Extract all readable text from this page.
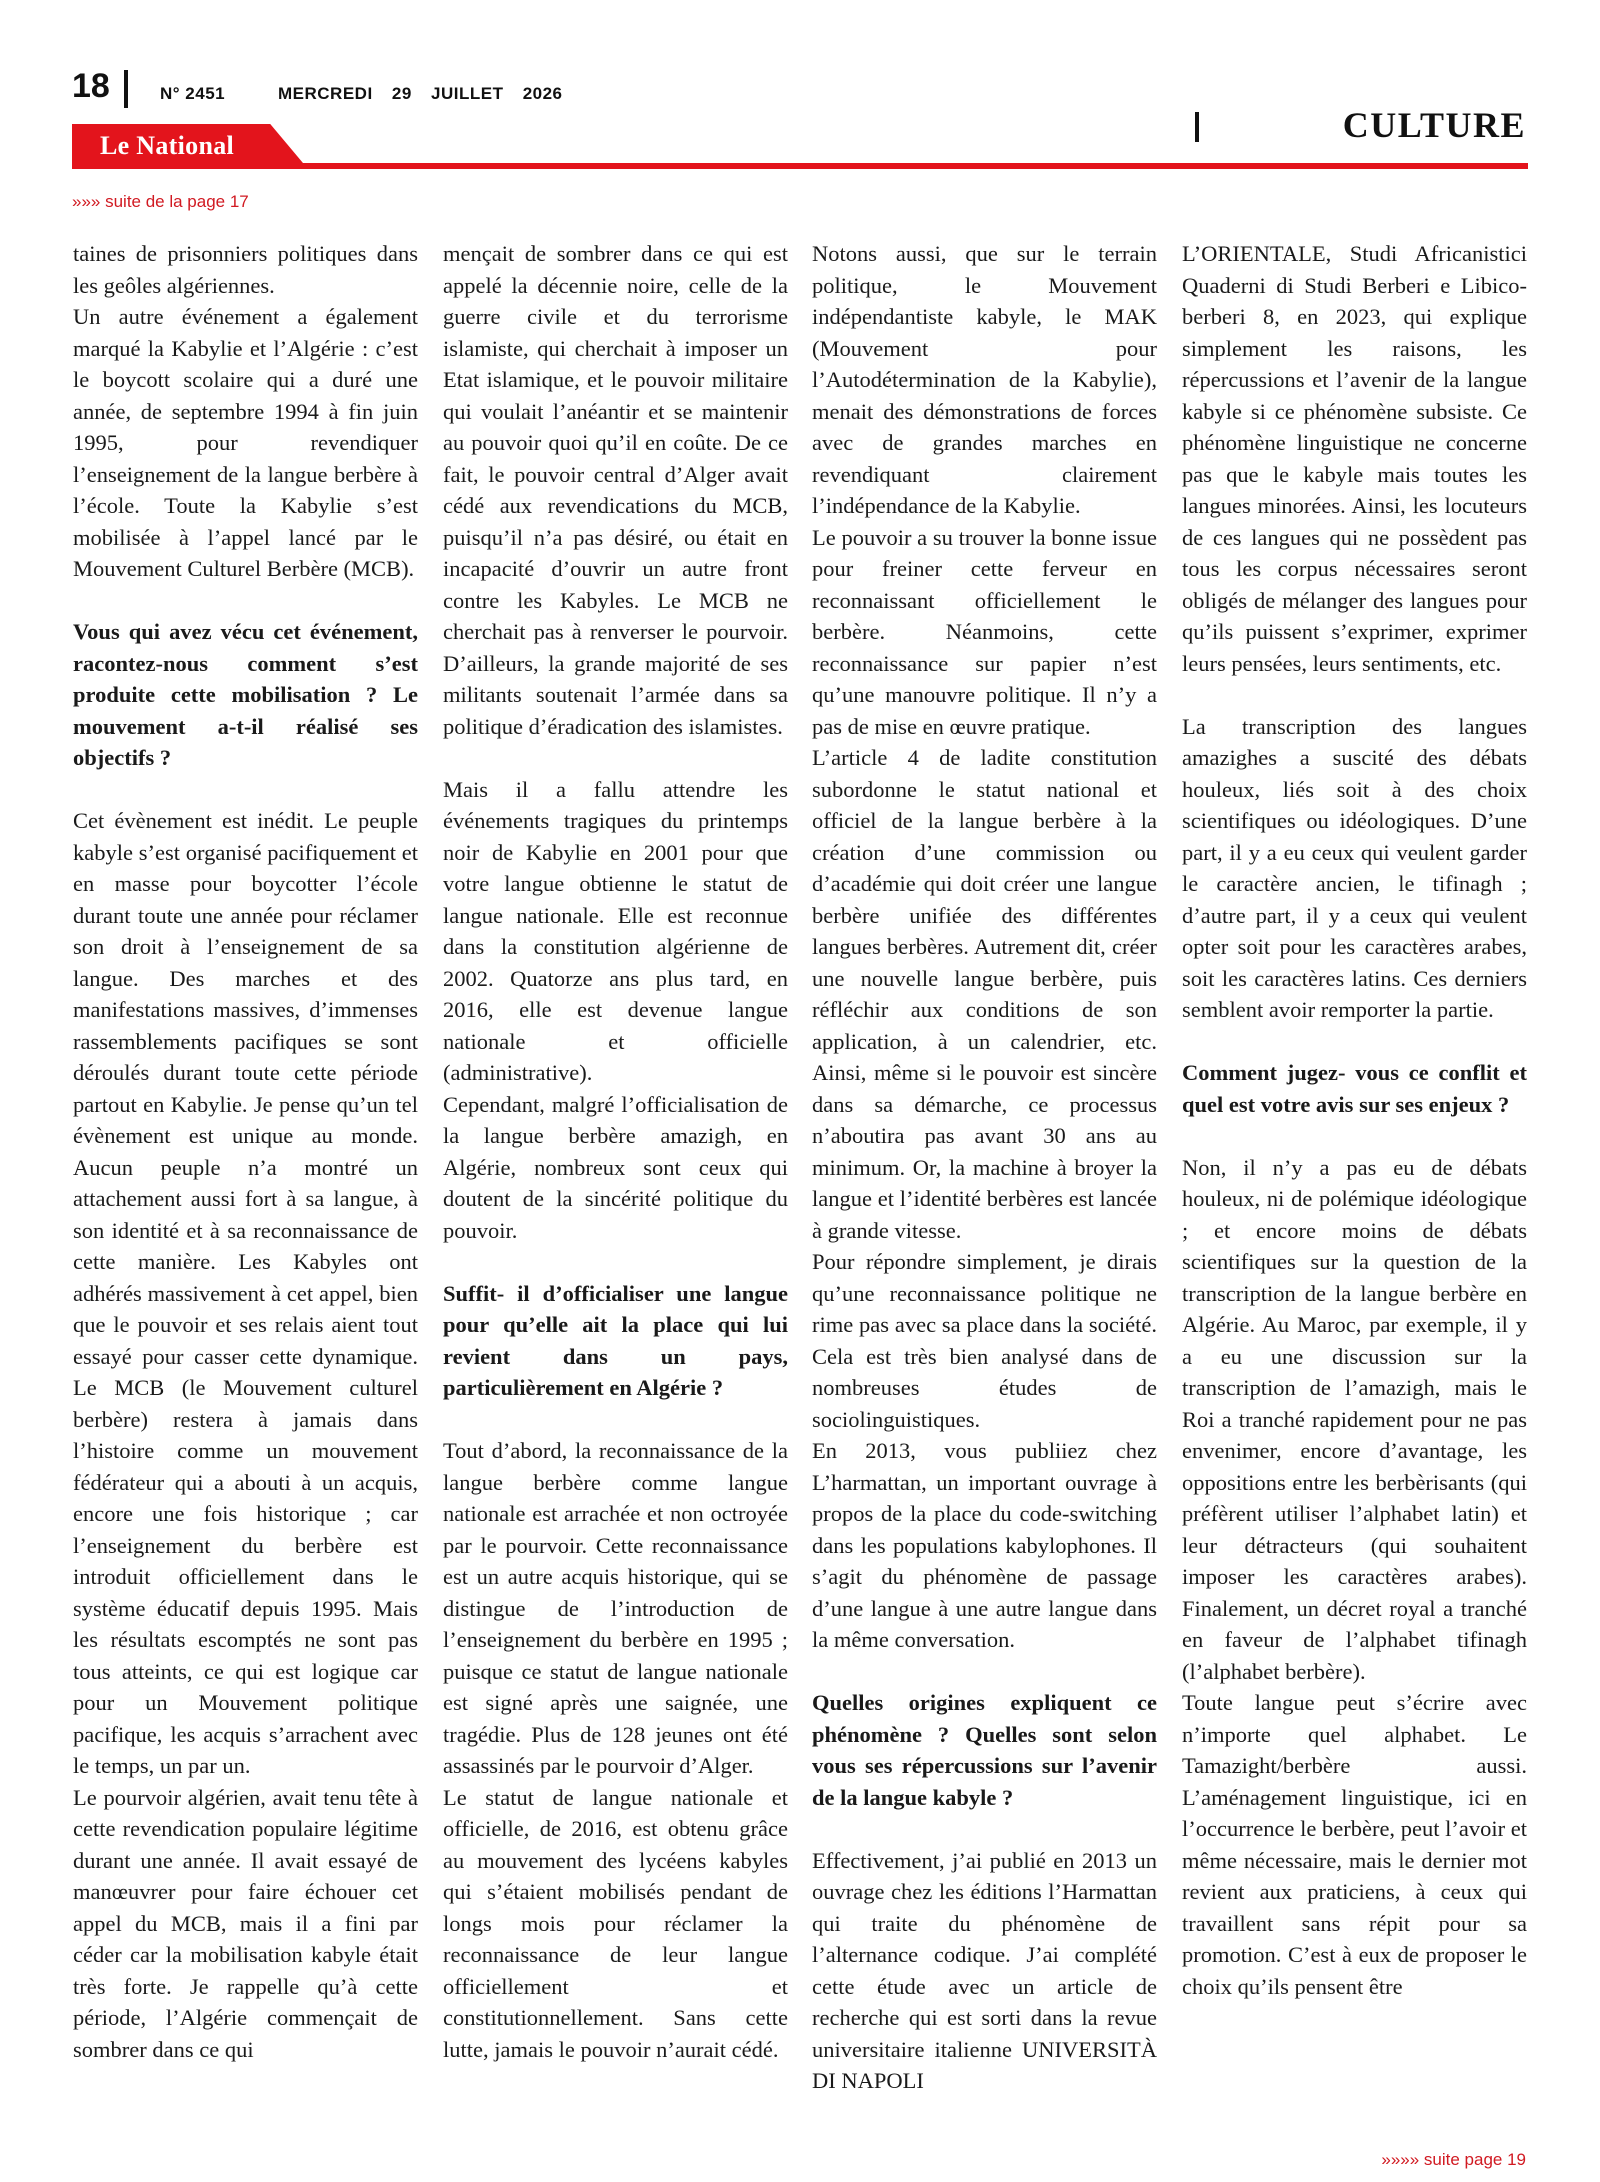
18	N° 2451	MERCREDI 29 JUILLET 2026
CULTURE
Le National
»»» suite de la page 17

taines de prisonniers politiques dans les geôles algériennes.

Un autre événement a également marqué la Kabylie et l’Algérie : c’est le boycott scolaire qui a duré une année, de septembre 1994 à fin juin 1995, pour revendiquer l’enseignement de la langue berbère à l’école. Toute la Kabylie s’est mobilisée à l’appel lancé par le Mouvement Culturel Berbère (MCB).

Vous qui avez vécu cet événement, racontez-nous comment s’est produite cette mobilisation ? Le mouvement a-t-il réalisé ses objectifs ?

Cet évènement est inédit. Le peuple kabyle s’est organisé pacifiquement et en masse pour boycotter l’école durant toute une année pour réclamer son droit à l’enseignement de sa langue. Des marches et des manifestations massives, d’immenses rassemblements pacifiques se sont déroulés durant toute cette période partout en Kabylie. Je pense qu’un tel évènement est unique au monde. Aucun peuple n’a montré un attachement aussi fort à sa langue, à son identité et à sa reconnaissance de cette manière. Les Kabyles ont adhérés massivement à cet appel, bien que le pouvoir et ses relais aient tout essayé pour casser cette dynamique. Le MCB (le Mouvement culturel berbère) restera à jamais dans l’histoire comme un mouvement fédérateur qui a abouti à un acquis, encore une fois historique ; car l’enseignement du berbère est introduit officiellement dans le système éducatif depuis 1995. Mais les résultats escomptés ne sont pas tous atteints, ce qui est logique car pour un Mouvement politique pacifique, les acquis s’arrachent avec le temps, un par un.

Le pourvoir algérien, avait tenu tête à cette revendication populaire légitime durant une année. Il avait essayé de manœuvrer pour faire échouer cet appel du MCB, mais il a fini par céder car la mobilisation kabyle était très forte. Je rappelle qu’à cette période, l’Algérie commençait de sombrer dans ce qui

mençait de sombrer dans ce qui est appelé la décennie noire, celle de la guerre civile et du terrorisme islamiste, qui cherchait à imposer un Etat islamique, et le pouvoir militaire qui voulait l’anéantir et se maintenir au pouvoir quoi qu’il en coûte. De ce fait, le pouvoir central d’Alger avait cédé aux revendications du MCB, puisqu’il n’a pas désiré, ou était en incapacité d’ouvrir un autre front contre les Kabyles. Le MCB ne cherchait pas à renverser le pourvoir. D’ailleurs, la grande majorité de ses militants soutenait l’armée dans sa politique d’éradication des islamistes.

Mais il a fallu attendre les événements tragiques du printemps noir de Kabylie en 2001 pour que votre langue obtienne le statut de langue nationale. Elle est reconnue dans la constitution algérienne de 2002. Quatorze ans plus tard, en 2016, elle est devenue langue nationale et officielle (administrative).

Cependant, malgré l’officialisation de la langue berbère amazigh, en Algérie, nombreux sont ceux qui doutent de la sincérité politique du pouvoir.

Suffit- il d’officialiser une langue pour qu’elle ait la place qui lui revient dans un pays, particulièrement en Algérie ?

Tout d’abord, la reconnaissance de la langue berbère comme langue nationale est arrachée et non octroyée par le pourvoir. Cette reconnaissance est un autre acquis historique, qui se distingue de l’introduction de l’enseignement du berbère en 1995 ; puisque ce statut de langue nationale est signé après une saignée, une tragédie. Plus de 128 jeunes ont été assassinés par le pourvoir d’Alger.

Le statut de langue nationale et officielle, de 2016, est obtenu grâce au mouvement des lycéens kabyles qui s’étaient mobilisés pendant de longs mois pour réclamer la reconnaissance de leur langue officiellement et constitutionnellement. Sans cette lutte, jamais le pouvoir n’aurait cédé.

Notons aussi, que sur le terrain politique, le Mouvement indépendantiste kabyle, le MAK (Mouvement pour l’Autodétermination de la Kabylie), menait des démonstrations de forces avec de grandes marches en revendiquant clairement l’indépendance de la Kabylie.

Le pouvoir a su trouver la bonne issue pour freiner cette ferveur en reconnaissant officiellement le berbère. Néanmoins, cette reconnaissance sur papier n’est qu’une manouvre politique. Il n’y a pas de mise en œuvre pratique.

L’article 4 de ladite constitution subordonne le statut national et officiel de la langue berbère à la création d’une commission ou d’académie qui doit créer une langue berbère unifiée des différentes langues berbères. Autrement dit, créer une nouvelle langue berbère, puis réfléchir aux conditions de son application, à un calendrier, etc. Ainsi, même si le pouvoir est sincère dans sa démarche, ce processus n’aboutira pas avant 30 ans au minimum. Or, la machine à broyer la langue et l’identité berbères est lancée à grande vitesse.

Pour répondre simplement, je dirais qu’une reconnaissance politique ne rime pas avec sa place dans la société. Cela est très bien analysé dans de nombreuses études de sociolinguistiques.

En 2013, vous publiiez chez L’harmattan, un important ouvrage à propos de la place du code-switching dans les populations kabylophones. Il s’agit du phénomène de passage d’une langue à une autre langue dans la même conversation.

Quelles origines expliquent ce phénomène ? Quelles sont selon vous ses répercussions sur l’avenir de la langue kabyle ?

Effectivement, j’ai publié en 2013 un ouvrage chez les éditions l’Harmattan qui traite du phénomène de l’alternance codique. J’ai complété cette étude avec un article de recherche qui est sorti dans la revue universitaire italienne UNIVERSITÀ DI NAPOLI

L’ORIENTALE, Studi Africanistici Quaderni di Studi Berberi e Libico-berberi 8, en 2023, qui explique simplement les raisons, les répercussions et l’avenir de la langue kabyle si ce phénomène subsiste. Ce phénomène linguistique ne concerne pas que le kabyle mais toutes les langues minorées. Ainsi, les locuteurs de ces langues qui ne possèdent pas tous les corpus nécessaires seront obligés de mélanger des langues pour qu’ils puissent s’exprimer, exprimer leurs pensées, leurs sentiments, etc.

La transcription des langues amazighes a suscité des débats houleux, liés soit à des choix scientifiques ou idéologiques. D’une part, il y a eu ceux qui veulent garder le caractère ancien, le tifinagh ; d’autre part, il y a ceux qui veulent opter soit pour les caractères arabes, soit les caractères latins. Ces derniers semblent avoir remporter la partie.

Comment jugez- vous ce conflit et quel est votre avis sur ses enjeux ?

Non, il n’y a pas eu de débats houleux, ni de polémique idéologique ; et encore moins de débats scientifiques sur la question de la transcription de la langue berbère en Algérie. Au Maroc, par exemple, il y a eu une discussion sur la transcription de l’amazigh, mais le Roi a tranché rapidement pour ne pas envenimer, encore d’avantage, les oppositions entre les berbèrisants (qui préfèrent utiliser l’alphabet latin) et leur détracteurs (qui souhaitent imposer les caractères arabes). Finalement, un décret royal a tranché en faveur de l’alphabet tifinagh (l’alphabet berbère).

Toute langue peut s’écrire avec n’importe quel alphabet. Le Tamazight/berbère aussi. L’aménagement linguistique, ici en l’occurrence le berbère, peut l’avoir et même nécessaire, mais le dernier mot revient aux praticiens, à ceux qui travaillent sans répit pour sa promotion. C’est à eux de proposer le choix qu’ils pensent être

»»»» suite page 19
